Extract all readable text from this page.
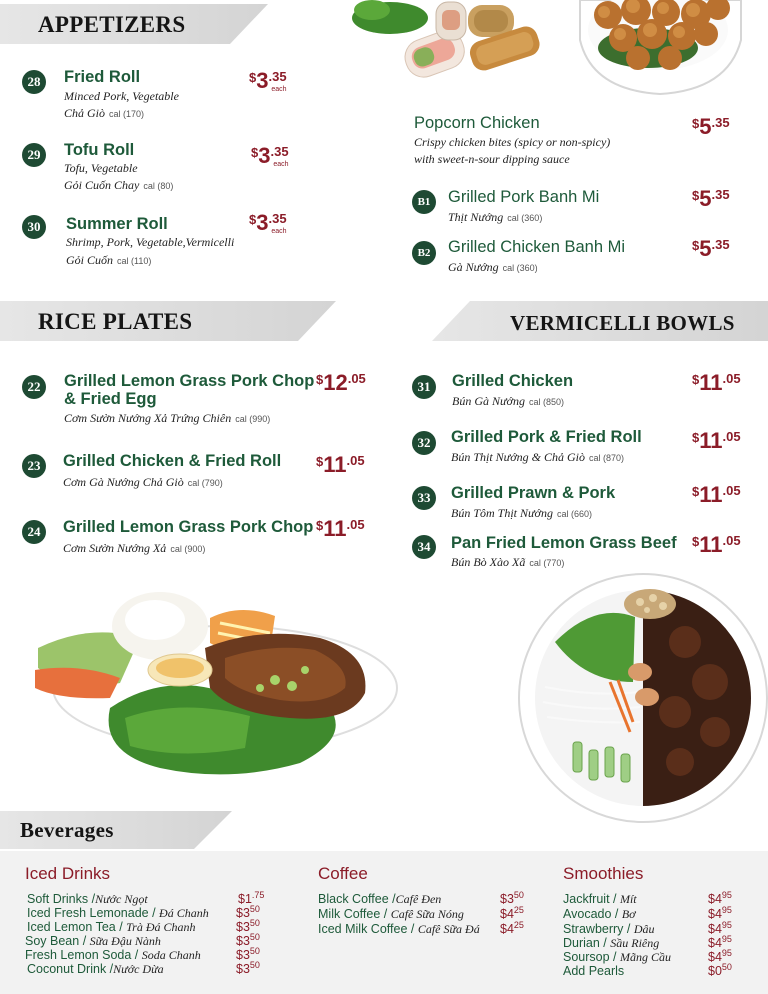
APPETIZERS
28	Fried Roll
Minced Pork, Vegetable
Chả Giò cal (170)
$^{\$}3^{.35}$
each
29	Tofu Roll
Tofu, Vegetable
Gỏi Cuốn Chay cal (80)
$^{\$}3^{.35}$
each
30	Summer Roll
Shrimp, Pork, Vegetable,Vermicelli
Gỏi Cuốn cal (110)
$^{\$}3^{.35}$
each
Popcorn Chicken
Crispy chicken bites (spicy or non-spicy)
with sweet-n-sour dipping sauce
$^{\$}5^{.35}$
B1	Grilled Pork Banh Mi
Thịt Nướng cal (360)
$^{\$}5^{.35}$
B2	Grilled Chicken Banh Mi
Gà Nướng cal (360)
$^{\$}5^{.35}$
RICE PLATES	VERMICELLI BOWLS
22	Grilled Lemon Grass Pork Chop
& Fried Egg
Cơm Sườn Nướng Xả Trứng Chiên cal (990)
$^{\$}12^{.05}$
23	Grilled Chicken & Fried Roll
Cơm Gà Nướng Chả Giò cal (790)
$^{\$}11^{.05}$
24	Grilled Lemon Grass Pork Chop
Cơm Sườn Nướng Xả cal (900)
$^{\$}11^{.05}$
31	Grilled Chicken
Bún Gà Nướng cal (850)
$^{\$}11^{.05}$
32	Grilled Pork & Fried Roll
Bún Thịt Nướng & Chả Giò cal (870)
$^{\$}11^{.05}$
33	Grilled Prawn & Pork
Bún Tôm Thịt Nướng cal (660)
$^{\$}11^{.05}$
34	Pan Fried Lemon Grass Beef
Bún Bò Xào Xã cal (770)
$^{\$}11^{.05}$
Beverages
Iced Drinks	Coffee	Smoothies
Soft Drinks /Nước Ngọt	$\$1^{.75}$
Iced Fresh Lemonade / Đá Chanh $\$3^{50}$
Iced Lemon Tea / Trà Đá Chanh	$\$3^{50}$
Soy Bean / Sữa Đậu Nành	$\$3^{50}$
Fresh Lemon Soda / Soda Chanh	$\$3^{50}$
Coconut Drink /Nước Dừa	$\$3^{50}$
Black Coffee /Cafê Đen	$\$3^{50}$
Milk Coffee / Cafê Sữa Nóng	$\$4^{25}$
Iced Milk Coffee / Cafê Sữa Đá $\$4^{25}$
Jackfruit / Mít	$\$4^{95}$
Avocado / Bơ	$\$4^{95}$
Strawberry / Dâu	$\$4^{95}$
Durian / Sầu Riêng	$\$4^{95}$
Soursop / Mãng Cầu	$\$4^{95}$
Add Pearls	$\$0^{50}$
